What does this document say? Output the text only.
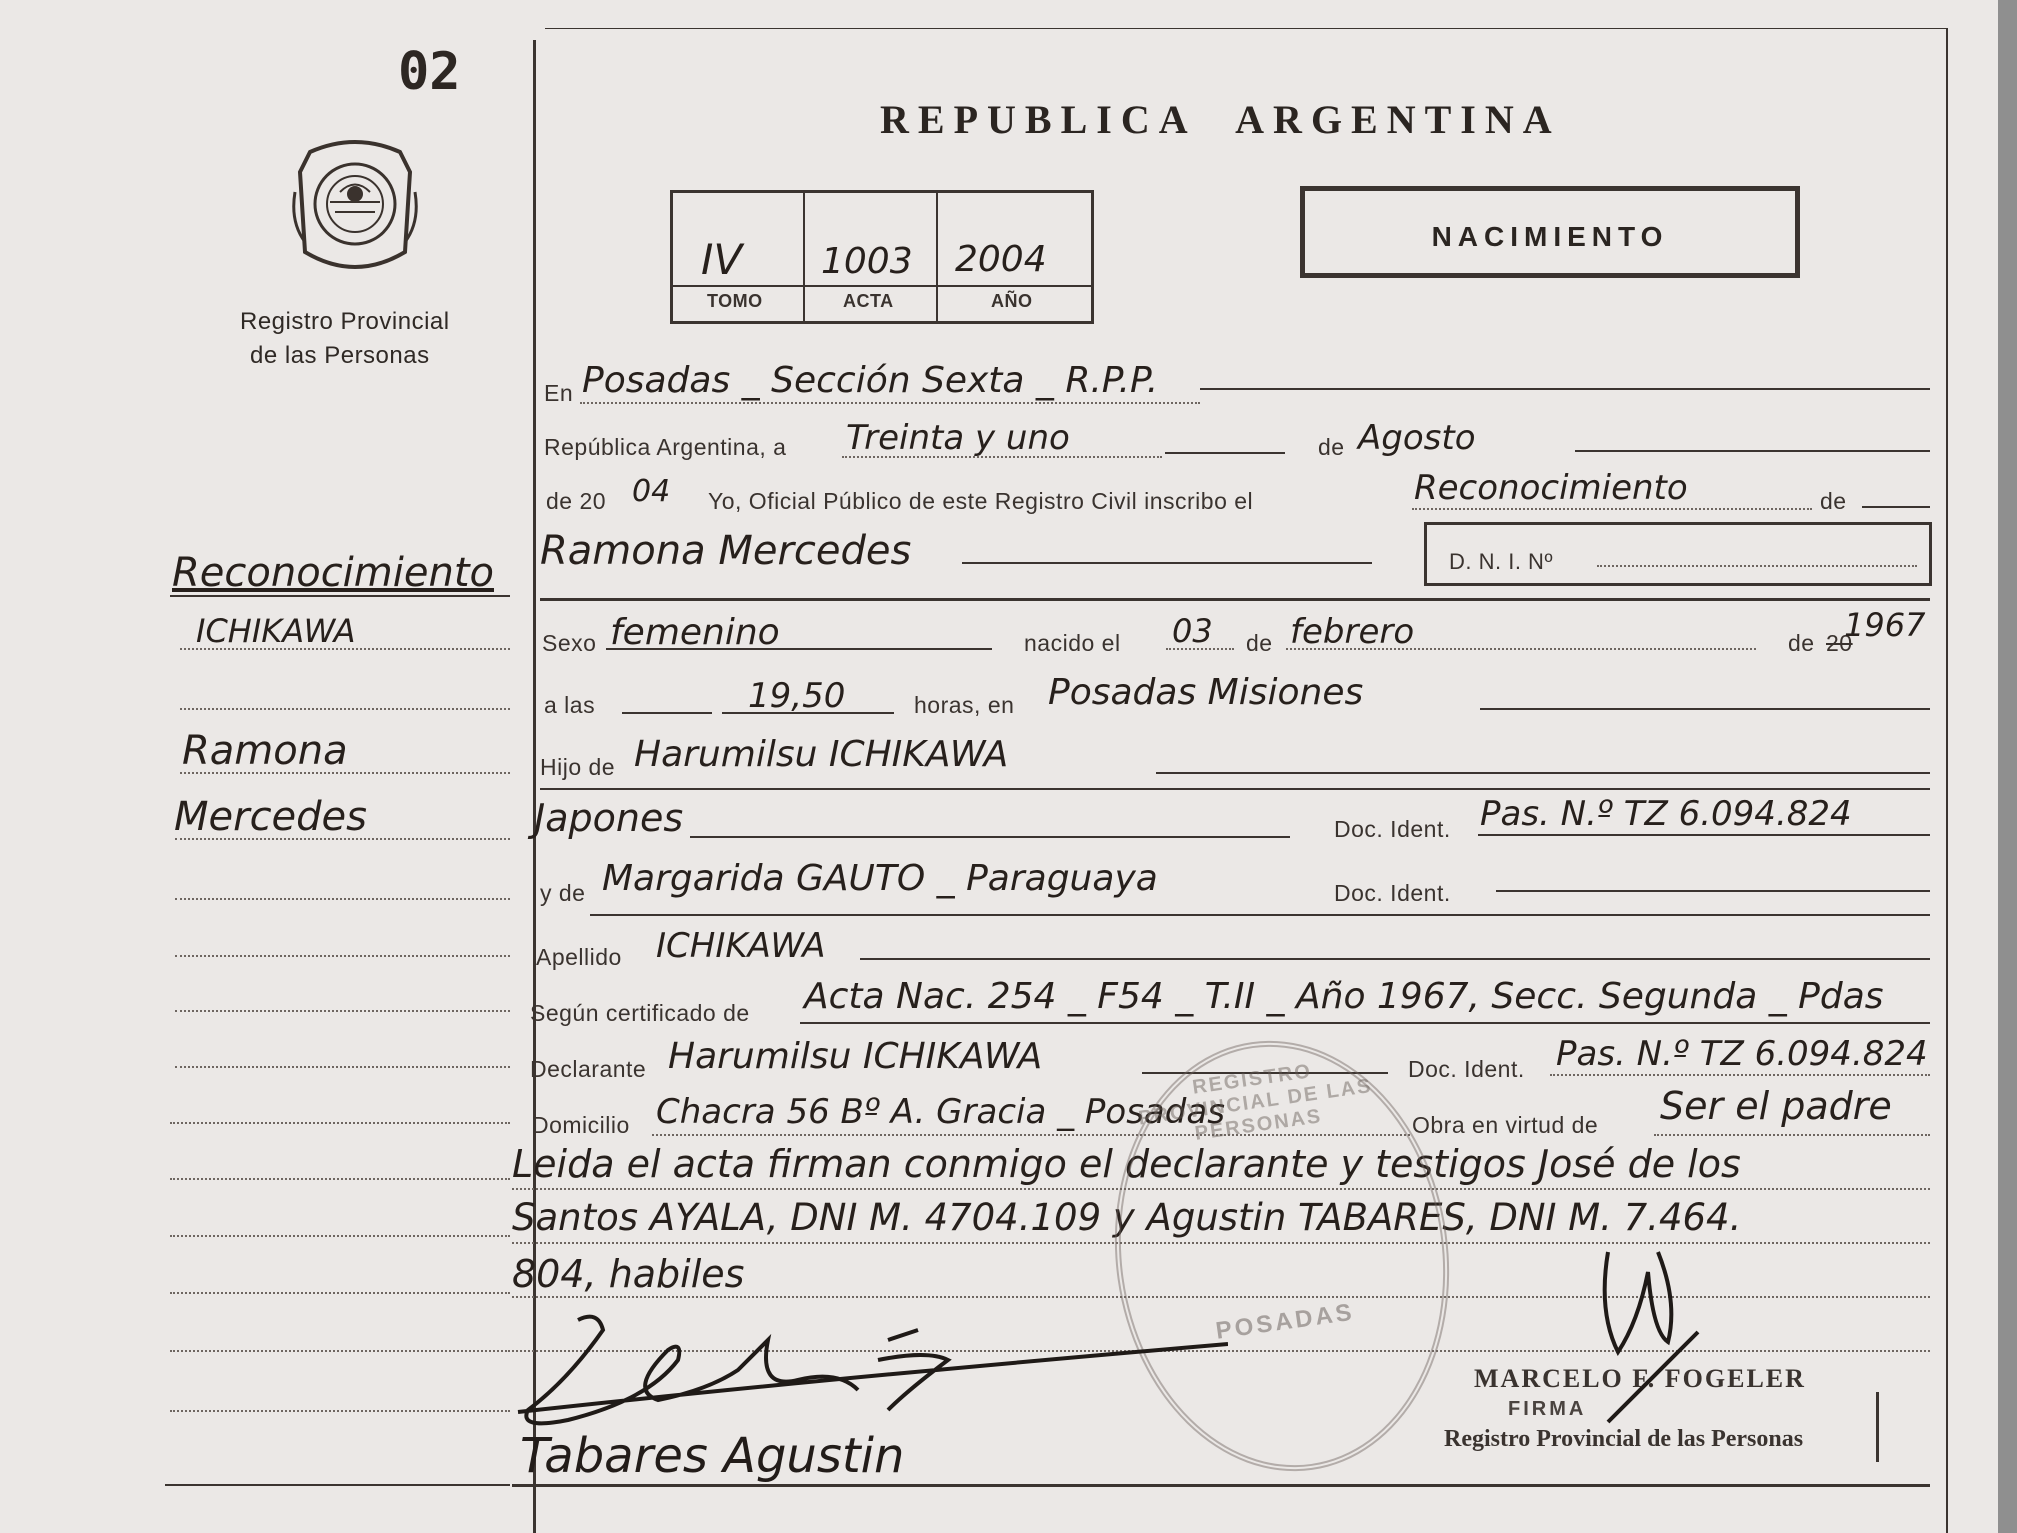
02
Registro Provincial
de las Personas
REPUBLICA ARGENTINA
IV 1003 2004
TOMO	ACTA	AÑO
NACIMIENTO
Reconocimiento
ICHIKAWA
Ramona
Mercedes
En Posadas _ Sección Sexta _ R.P.P.
República Argentina, a Treinta y uno	de Agosto
de 20 04 Yo, Oficial Público de este Registro Civil inscribo el	Reconocimiento	de
Ramona Mercedes	D. N. I. Nº
Sexo femenino	nacido el 03 de febrero	de 20
1967
a las	19,50	horas, en Posadas Misiones
Hijo de Harumilsu ICHIKAWA
Japones	Doc. Ident. Pas. N.º TZ 6.094.824
y de Margarida GAUTO _ Paraguaya	Doc. Ident.
Apellido ICHIKAWA
Según certificado de Acta Nac. 254 _ F54 _ T.II _ Año 1967, Secc. Segunda _ Pdas
Declarante Harumilsu ICHIKAWA	Doc. Ident. Pas. N.º TZ 6.094.824
Domicilio Chacra 56 Bº A. Gracia _ Posadas	Obra en virtud de Ser el padre
Leida el acta firman conmigo el declarante y testigos José de los
Santos AYALA, DNI M. 4704.109 y Agustin TABARES, DNI M. 7.464.
804, habiles
REGISTRO PROVINCIAL DE LAS PERSONAS
POSADAS
Tabares Agustin
MARCELO F. FOGELER
FIRMA
Registro Provincial de las Personas
